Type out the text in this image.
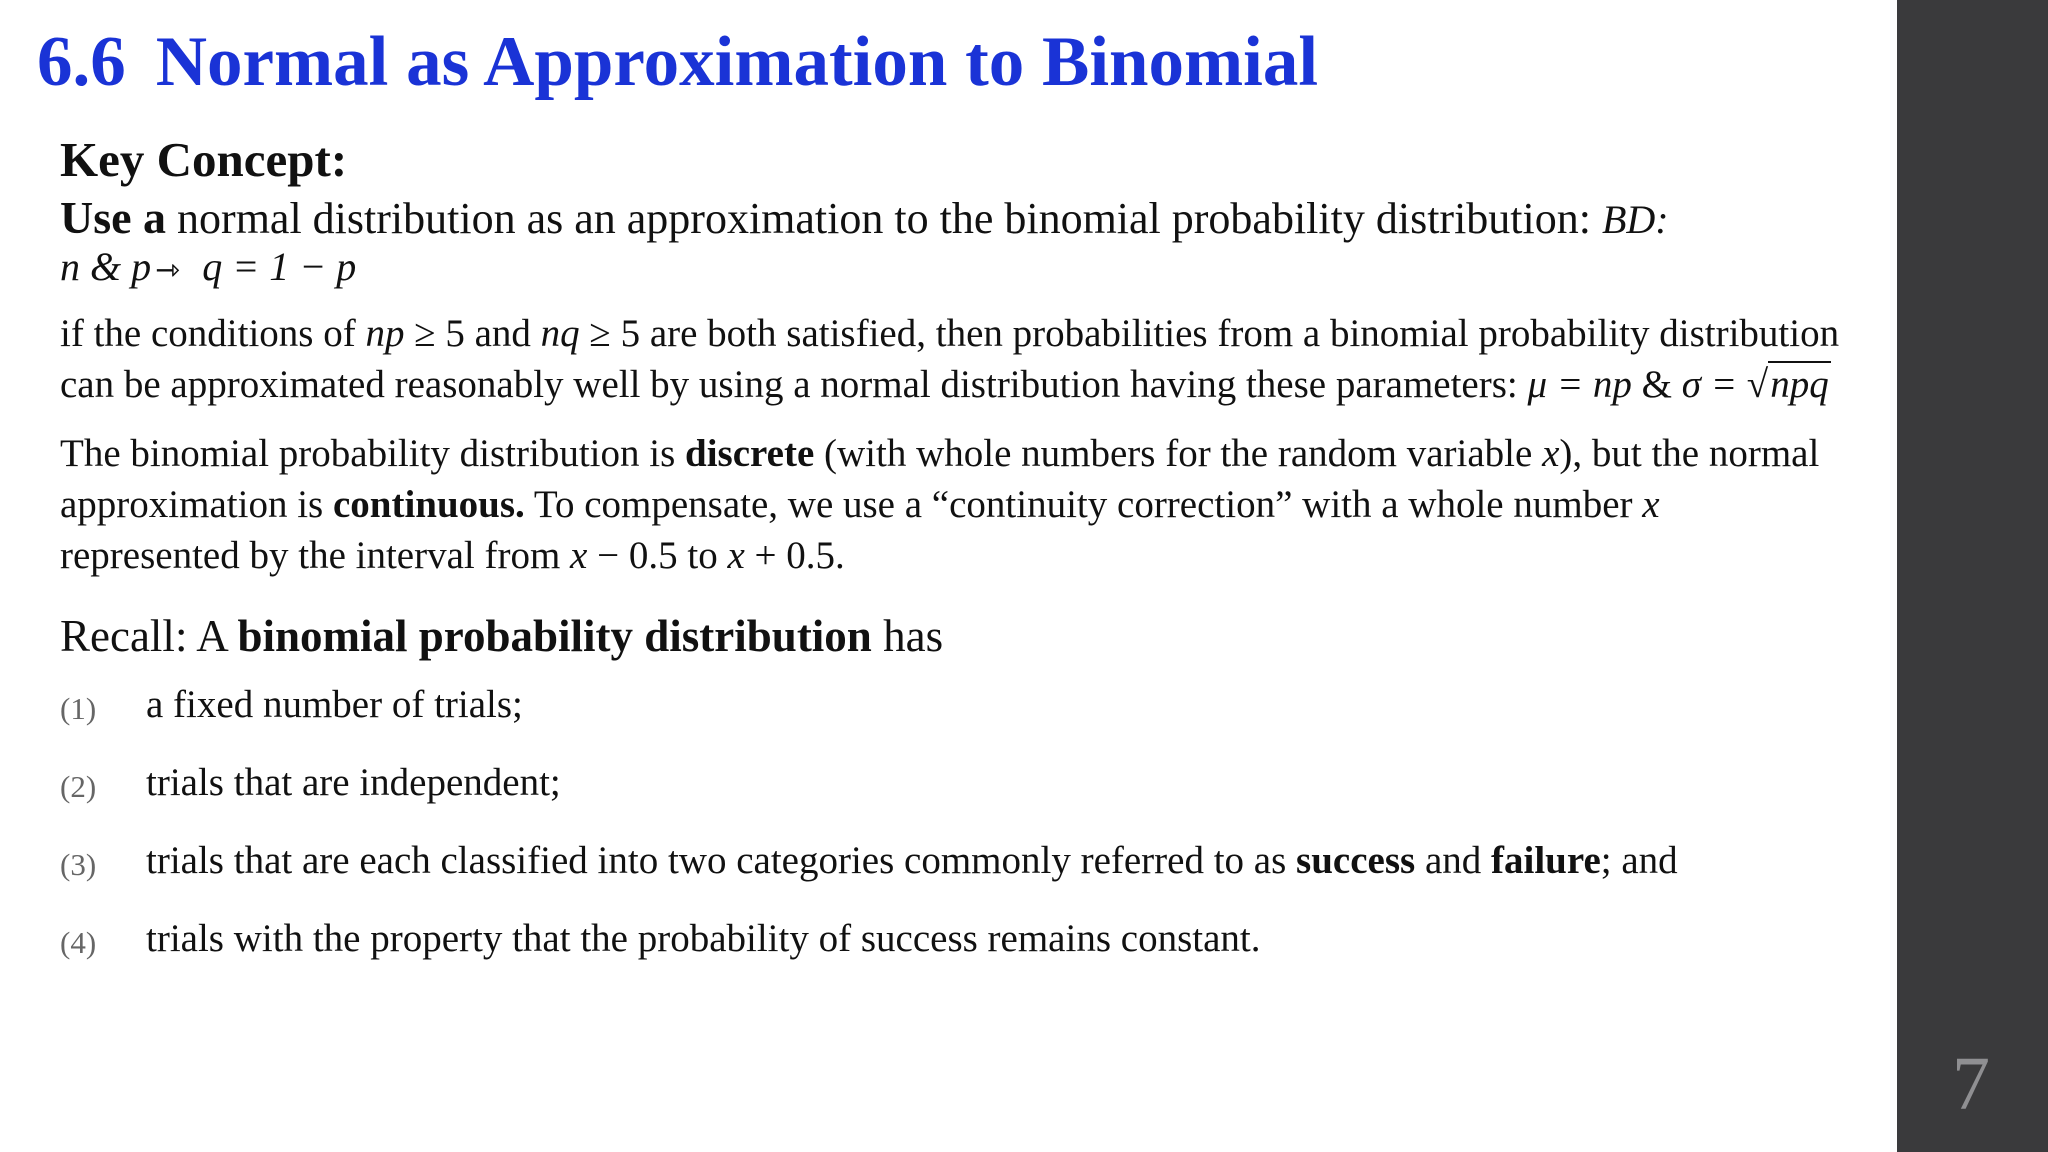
6.6 Normal as Approximation to Binomial

Key Concept:

Use a normal distribution as an approximation to the binomial probability distribution: BD:

n & p ⇾ q = 1 − p

if the conditions of np ≥ 5 and nq ≥ 5 are both satisfied, then probabilities from a binomial probability distribution can be approximated reasonably well by using a normal distribution having these parameters: μ = np & σ = √npq

The binomial probability distribution is discrete (with whole numbers for the random variable x), but the normal approximation is continuous. To compensate, we use a “continuity correction” with a whole number x represented by the interval from x − 0.5 to x + 0.5.

Recall: A binomial probability distribution has

(1) a fixed number of trials;
(2) trials that are independent;
(3) trials that are each classified into two categories commonly referred to as success and failure; and
(4) trials with the property that the probability of success remains constant.
7
